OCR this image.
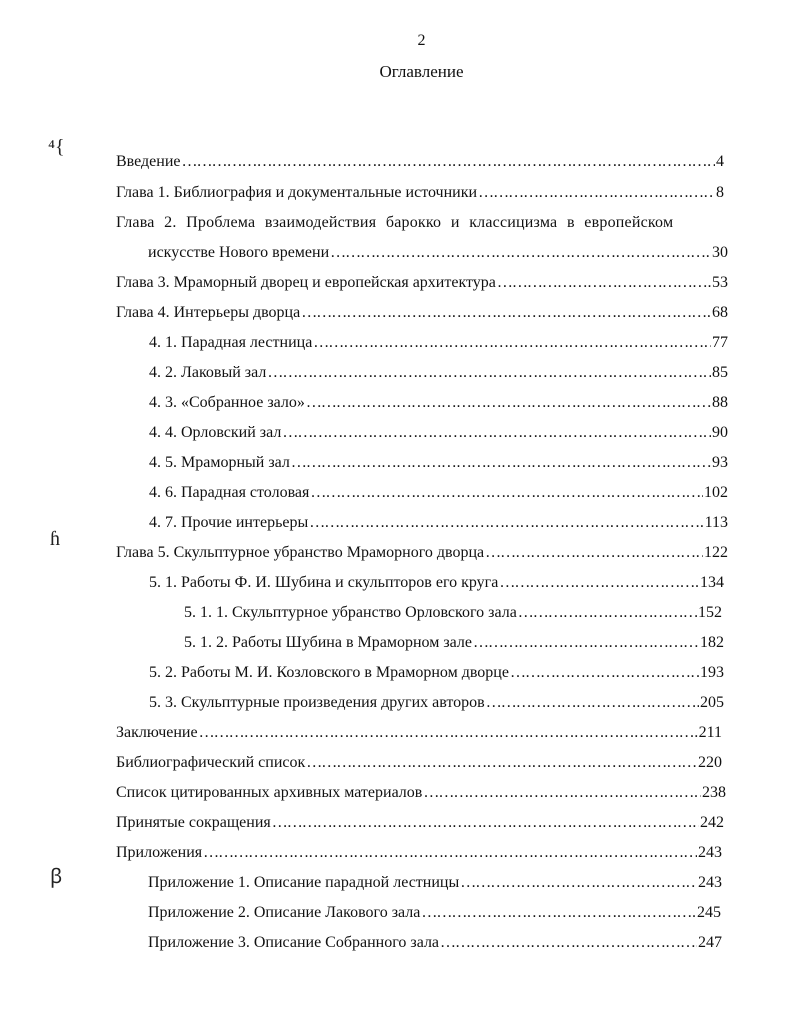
2
Оглавление
⁴{
ɦ
ꞵ
Введение ………………………………………………………………………………………………………………………………………………………………………………………………	4
Глава 1. Библиография и документальные источники ………………………………………………………………………………………………………………………………………………………………………………………………	8
Глава 2. Проблема взаимодействия барокко и классицизма в европейском
искусстве Нового времени ………………………………………………………………………………………………………………………………………………………………………………………………	30
Глава 3. Мраморный дворец и европейская архитектура ………………………………………………………………………………………………………………………………………………………………………………………………	53
Глава 4. Интерьеры дворца ………………………………………………………………………………………………………………………………………………………………………………………………	68
4. 1. Парадная лестница ………………………………………………………………………………………………………………………………………………………………………………………………	77
4. 2. Лаковый зал ………………………………………………………………………………………………………………………………………………………………………………………………	85
4. 3. «Собранное зало» ………………………………………………………………………………………………………………………………………………………………………………………………	88
4. 4. Орловский зал ………………………………………………………………………………………………………………………………………………………………………………………………	90
4. 5. Мраморный зал ………………………………………………………………………………………………………………………………………………………………………………………………	93
4. 6. Парадная столовая ………………………………………………………………………………………………………………………………………………………………………………………………	102
4. 7. Прочие интерьеры ………………………………………………………………………………………………………………………………………………………………………………………………	113
Глава 5. Скульптурное убранство Мраморного дворца ………………………………………………………………………………………………………………………………………………………………………………………………	122
5. 1. Работы Ф. И. Шубина и скульпторов его круга ………………………………………………………………………………………………………………………………………………………………………………………………	134
5. 1. 1. Скульптурное убранство Орловского зала ………………………………………………………………………………………………………………………………………………………………………………………………	152
5. 1. 2. Работы Шубина в Мраморном зале ………………………………………………………………………………………………………………………………………………………………………………………………	182
5. 2. Работы М. И. Козловского в Мраморном дворце ………………………………………………………………………………………………………………………………………………………………………………………………	193
5. 3. Скульптурные произведения других авторов ………………………………………………………………………………………………………………………………………………………………………………………………	205
Заключение ………………………………………………………………………………………………………………………………………………………………………………………………	211
Библиографический список ………………………………………………………………………………………………………………………………………………………………………………………………	220
Список цитированных архивных материалов ………………………………………………………………………………………………………………………………………………………………………………………………	238
Принятые сокращения ………………………………………………………………………………………………………………………………………………………………………………………………	242
Приложения ………………………………………………………………………………………………………………………………………………………………………………………………	243
Приложение 1. Описание парадной лестницы ………………………………………………………………………………………………………………………………………………………………………………………………	243
Приложение 2. Описание Лакового зала ………………………………………………………………………………………………………………………………………………………………………………………………	245
Приложение 3. Описание Собранного зала ………………………………………………………………………………………………………………………………………………………………………………………………	247
